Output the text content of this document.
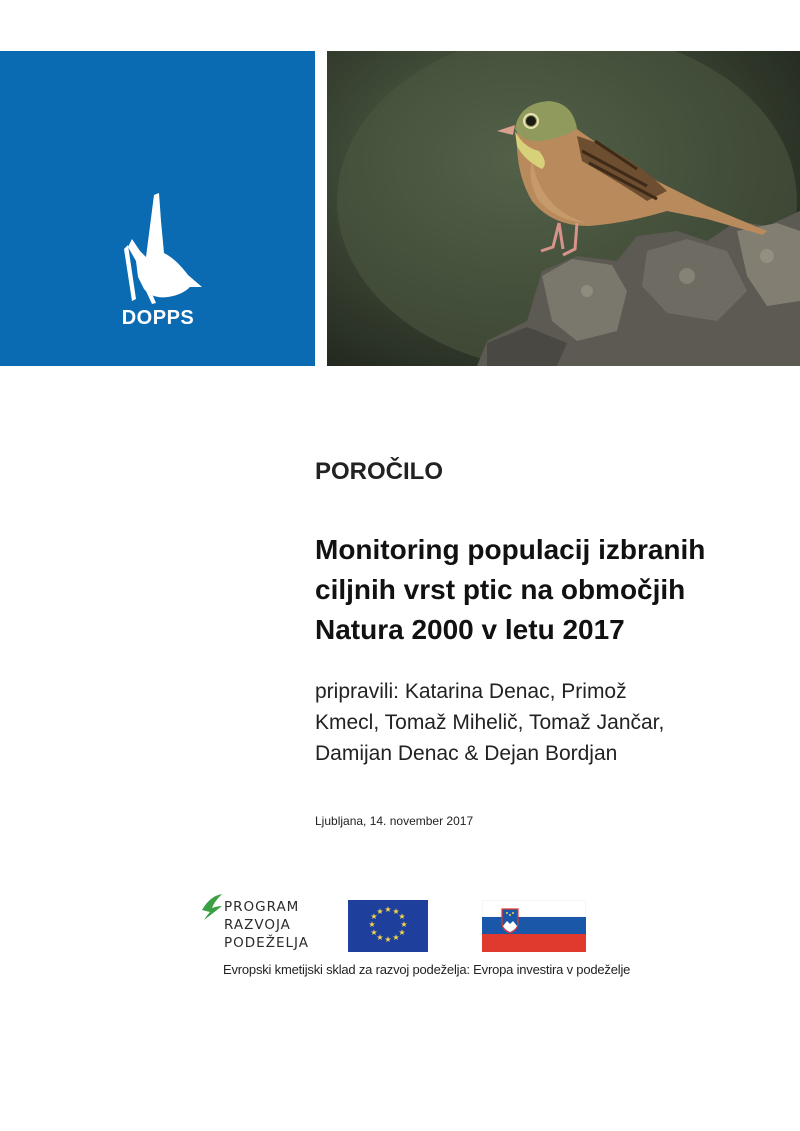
DOPPS
POROČILO
Monitoring populacij izbranih
ciljnih vrst ptic na območjih
Natura 2000 v letu 2017
pripravili: Katarina Denac, Primož
Kmecl, Tomaž Mihelič, Tomaž Jančar,
Damijan Denac & Dejan Bordjan
Ljubljana, 14. november 2017
PROGRAM
RAZVOJA
PODEŽELJA
★ ★
★
★
★
★
★
★
★
★
★
★
Evropski kmetijski sklad za razvoj podeželja: Evropa investira v podeželje
